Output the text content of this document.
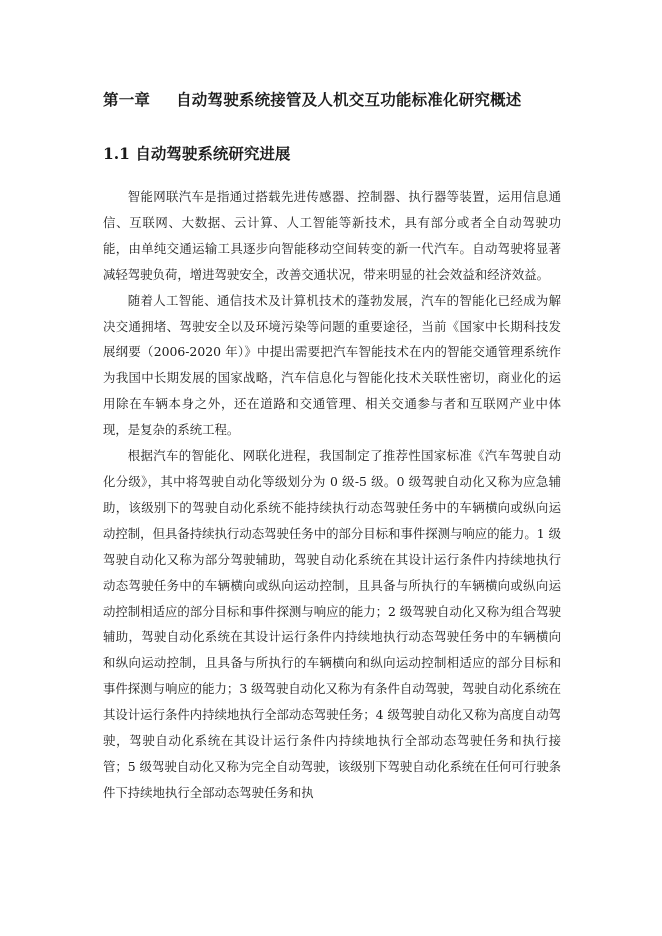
第一章 自动驾驶系统接管及人机交互功能标准化研究概述
1.1 自动驾驶系统研究进展

智能网联汽车是指通过搭载先进传感器、控制器、执行器等装置，运用信息通信、互联网、大数据、云计算、人工智能等新技术，具有部分或者全自动驾驶功能，由单纯交通运输工具逐步向智能移动空间转变的新一代汽车。自动驾驶将显著减轻驾驶负荷，增进驾驶安全，改善交通状况，带来明显的社会效益和经济效益。

随着人工智能、通信技术及计算机技术的蓬勃发展，汽车的智能化已经成为解决交通拥堵、驾驶安全以及环境污染等问题的重要途径，当前《国家中长期科技发展纲要（2006-2020 年）》中提出需要把汽车智能技术在内的智能交通管理系统作为我国中长期发展的国家战略，汽车信息化与智能化技术关联性密切，商业化的运用除在车辆本身之外，还在道路和交通管理、相关交通参与者和互联网产业中体现，是复杂的系统工程。

根据汽车的智能化、网联化进程，我国制定了推荐性国家标准《汽车驾驶自动化分级》，其中将驾驶自动化等级划分为 0 级-5 级。0 级驾驶自动化又称为应急辅助，该级别下的驾驶自动化系统不能持续执行动态驾驶任务中的车辆横向或纵向运动控制，但具备持续执行动态驾驶任务中的部分目标和事件探测与响应的能力。1 级驾驶自动化又称为部分驾驶辅助，驾驶自动化系统在其设计运行条件内持续地执行动态驾驶任务中的车辆横向或纵向运动控制，且具备与所执行的车辆横向或纵向运动控制相适应的部分目标和事件探测与响应的能力；2 级驾驶自动化又称为组合驾驶辅助，驾驶自动化系统在其设计运行条件内持续地执行动态驾驶任务中的车辆横向和纵向运动控制，且具备与所执行的车辆横向和纵向运动控制相适应的部分目标和事件探测与响应的能力；3 级驾驶自动化又称为有条件自动驾驶，驾驶自动化系统在其设计运行条件内持续地执行全部动态驾驶任务；4 级驾驶自动化又称为高度自动驾驶，驾驶自动化系统在其设计运行条件内持续地执行全部动态驾驶任务和执行接管；5 级驾驶自动化又称为完全自动驾驶，该级别下驾驶自动化系统在任何可行驶条件下持续地执行全部动态驾驶任务和执
